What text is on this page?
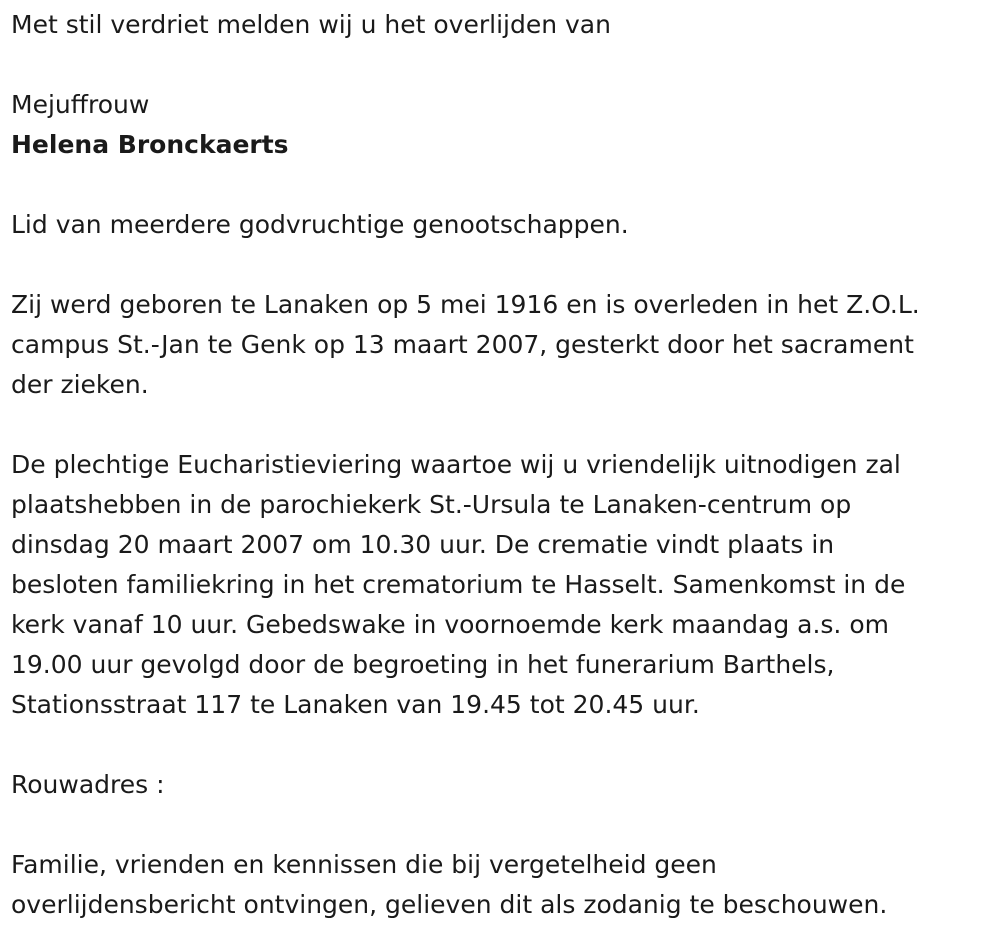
Met stil verdriet melden wij u het overlijden van

Mejuffrouw

Helena Bronckaerts

Lid van meerdere godvruchtige genootschappen.

Zij werd geboren te Lanaken op 5 mei 1916 en is overleden in het Z.O.L.
campus St.-Jan te Genk op 13 maart 2007, gesterkt door het sacrament
der zieken.

De plechtige Eucharistieviering waartoe wij u vriendelijk uitnodigen zal
plaatshebben in de parochiekerk St.-Ursula te Lanaken-centrum op
dinsdag 20 maart 2007 om 10.30 uur. De crematie vindt plaats in
besloten familiekring in het crematorium te Hasselt. Samenkomst in de
kerk vanaf 10 uur. Gebedswake in voornoemde kerk maandag a.s. om
19.00 uur gevolgd door de begroeting in het funerarium Barthels,
Stationsstraat 117 te Lanaken van 19.45 tot 20.45 uur.

Rouwadres :

Familie, vrienden en kennissen die bij vergetelheid geen
overlijdensbericht ontvingen, gelieven dit als zodanig te beschouwen.
